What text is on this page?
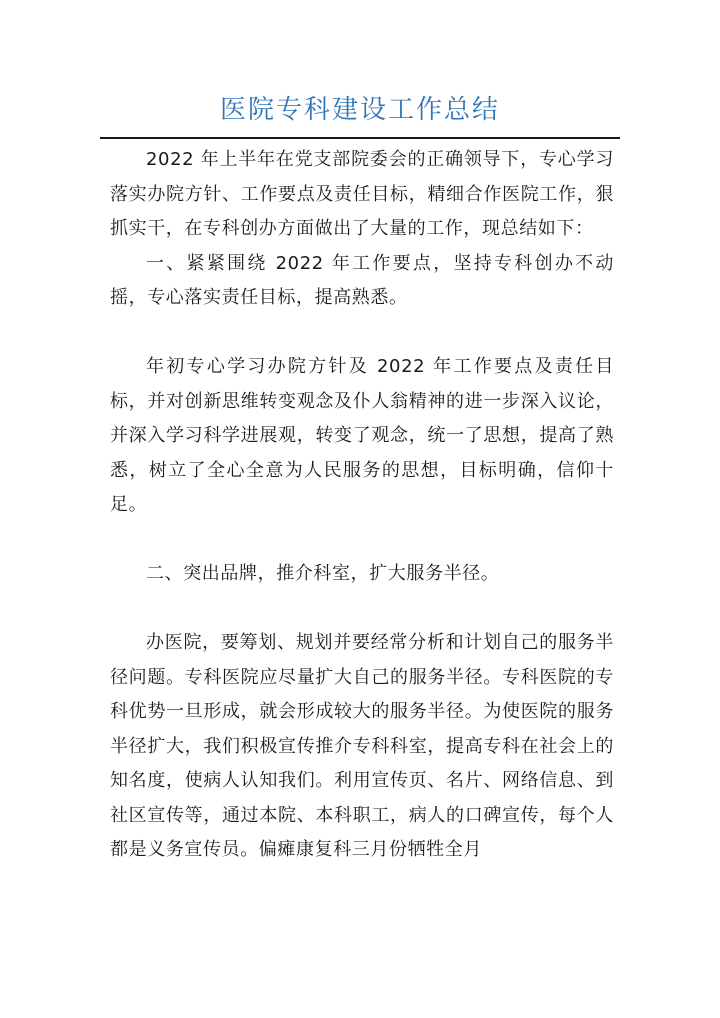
医院专科建设工作总结

2022 年上半年在党支部院委会的正确领导下，专心学习落实办院方针、工作要点及责任目标，精细合作医院工作，狠抓实干，在专科创办方面做出了大量的工作，现总结如下：

一、紧紧围绕 2022 年工作要点，坚持专科创办不动摇，专心落实责任目标，提高熟悉。

年初专心学习办院方针及 2022 年工作要点及责任目标，并对创新思维转变观念及仆人翁精神的进一步深入议论，并深入学习科学进展观，转变了观念，统一了思想，提高了熟悉，树立了全心全意为人民服务的思想，目标明确，信仰十足。

二、突出品牌，推介科室，扩大服务半径。

办医院，要筹划、规划并要经常分析和计划自己的服务半径问题。专科医院应尽量扩大自己的服务半径。专科医院的专科优势一旦形成，就会形成较大的服务半径。为使医院的服务半径扩大，我们积极宣传推介专科科室，提高专科在社会上的知名度，使病人认知我们。利用宣传页、名片、网络信息、到社区宣传等，通过本院、本科职工，病人的口碑宣传，每个人都是义务宣传员。偏瘫康复科三月份牺牲全月
